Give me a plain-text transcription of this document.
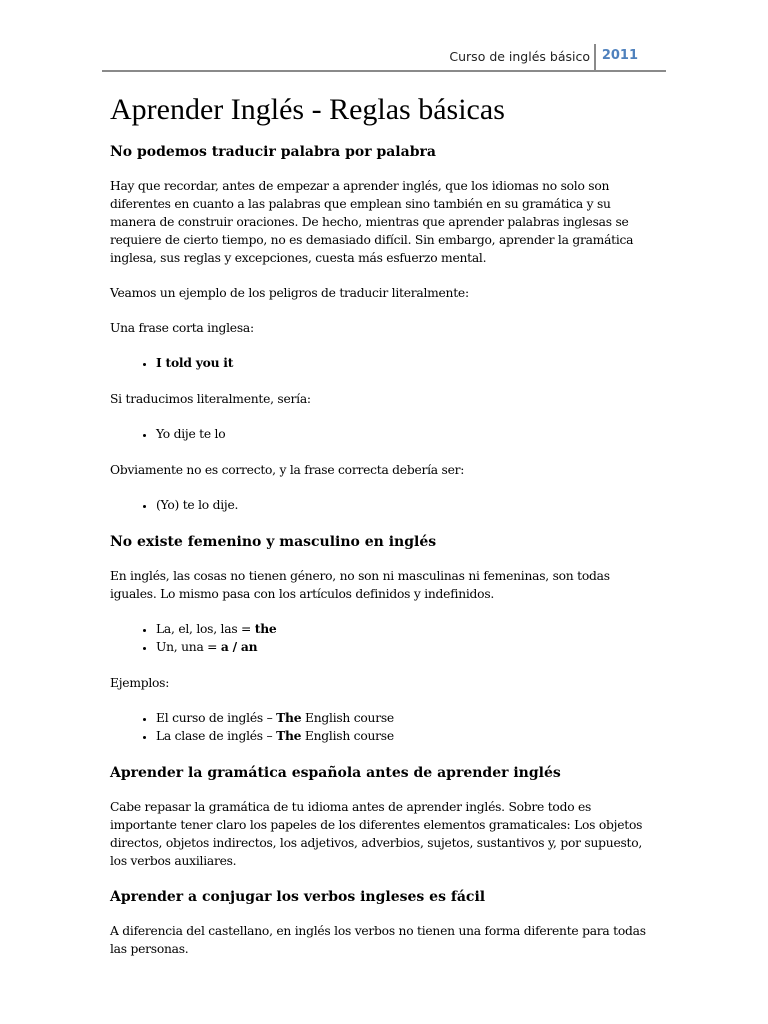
Curso de inglés básico 2011
Aprender Inglés - Reglas básicas
No podemos traducir palabra por palabra

Hay que recordar, antes de empezar a aprender inglés, que los idiomas no solo son diferentes en cuanto a las palabras que emplean sino también en su gramática y su manera de construir oraciones. De hecho, mientras que aprender palabras inglesas se requiere de cierto tiempo, no es demasiado difícil. Sin embargo, aprender la gramática inglesa, sus reglas y excepciones, cuesta más esfuerzo mental.

Veamos un ejemplo de los peligros de traducir literalmente:

Una frase corta inglesa:

• I told you it

Si traducimos literalmente, sería:

• Yo dije te lo

Obviamente no es correcto, y la frase correcta debería ser:

• (Yo) te lo dije.
No existe femenino y masculino en inglés

En inglés, las cosas no tienen género, no son ni masculinas ni femeninas, son todas iguales. Lo mismo pasa con los artículos definidos y indefinidos.

• La, el, los, las = the
• Un, una = a / an

Ejemplos:

• El curso de inglés – The English course
• La clase de inglés – The English course
Aprender la gramática española antes de aprender inglés

Cabe repasar la gramática de tu idioma antes de aprender inglés. Sobre todo es importante tener claro los papeles de los diferentes elementos gramaticales: Los objetos directos, objetos indirectos, los adjetivos, adverbios, sujetos, sustantivos y, por supuesto, los verbos auxiliares.

Aprender a conjugar los verbos ingleses es fácil

A diferencia del castellano, en inglés los verbos no tienen una forma diferente para todas las personas.
